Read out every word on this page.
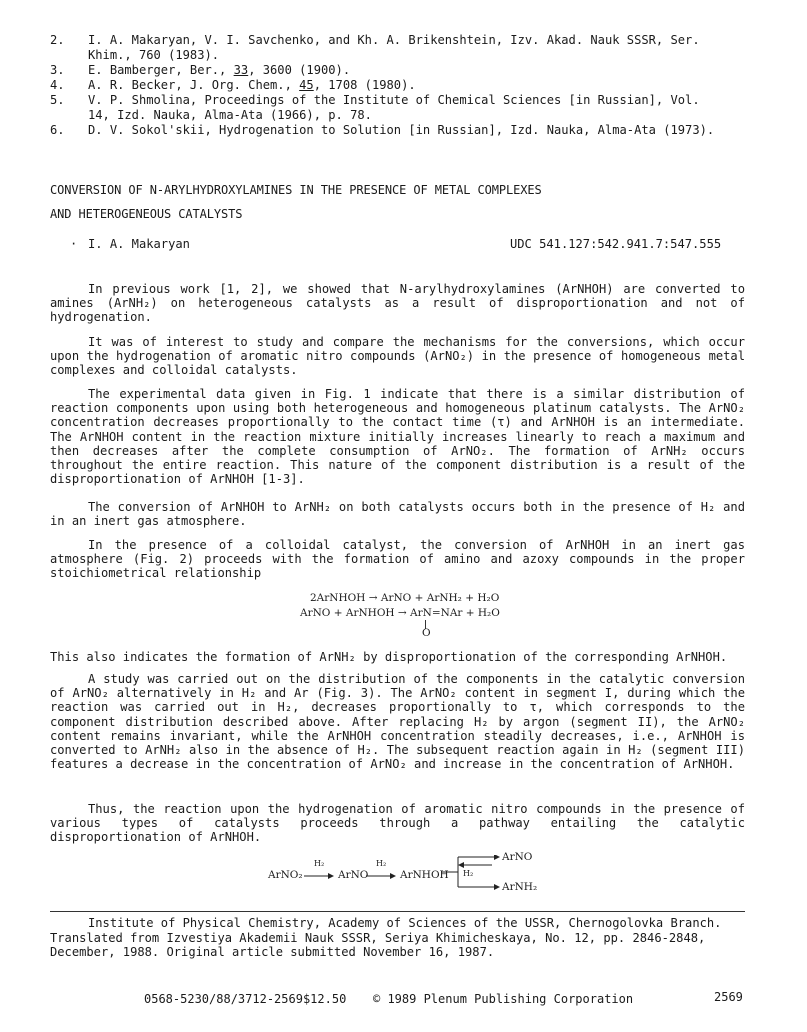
2. I. A. Makaryan, V. I. Savchenko, and Kh. A. Brikenshtein, Izv. Akad. Nauk SSSR, Ser.
Khim., 760 (1983).
3. E. Bamberger, Ber., 33, 3600 (1900).
4. A. R. Becker, J. Org. Chem., 45, 1708 (1980).
5. V. P. Shmolina, Proceedings of the Institute of Chemical Sciences [in Russian], Vol.
14, Izd. Nauka, Alma-Ata (1966), p. 78.
6. D. V. Sokol'skii, Hydrogenation to Solution [in Russian], Izd. Nauka, Alma-Ata (1973).
CONVERSION OF N-ARYLHYDROXYLAMINES IN THE PRESENCE OF METAL COMPLEXES
AND HETEROGENEOUS CATALYSTS
· I. A. Makaryan	UDC 541.127:542.941.7:547.555
In previous work [1, 2], we showed that N-arylhydroxylamines (ArNHOH) are converted to amines (ArNH₂) on heterogeneous catalysts as a result of disproportionation and not of hydrogenation.
It was of interest to study and compare the mechanisms for the conversions, which occur upon the hydrogenation of aromatic nitro compounds (ArNO₂) in the presence of homogeneous metal complexes and colloidal catalysts.
The experimental data given in Fig. 1 indicate that there is a similar distribution of reaction components upon using both heterogeneous and homogeneous platinum catalysts. The ArNO₂ concentration decreases proportionally to the contact time (τ) and ArNHOH is an intermediate. The ArNHOH content in the reaction mixture initially increases linearly to reach a maximum and then decreases after the complete consumption of ArNO₂. The formation of ArNH₂ occurs throughout the entire reaction. This nature of the component distribution is a result of the disproportionation of ArNHOH [1-3].
The conversion of ArNHOH to ArNH₂ on both catalysts occurs both in the presence of H₂ and in an inert gas atmosphere.
In the presence of a colloidal catalyst, the conversion of ArNHOH in an inert gas atmosphere (Fig. 2) proceeds with the formation of amino and azoxy compounds in the proper stoichiometrical relationship
2ArNHOH → ArNO + ArNH₂ + H₂O
ArNO + ArNHOH → ArN=NAr + H₂O
O
This also indicates the formation of ArNH₂ by disproportionation of the corresponding ArNHOH.
A study was carried out on the distribution of the components in the catalytic conversion of ArNO₂ alternatively in H₂ and Ar (Fig. 3). The ArNO₂ content in segment I, during which the reaction was carried out in H₂, decreases proportionally to τ, which corresponds to the component distribution described above. After replacing H₂ by argon (segment II), the ArNO₂ content remains invariant, while the ArNHOH concentration steadily decreases, i.e., ArNHOH is converted to ArNH₂ also in the absence of H₂. The subsequent reaction again in H₂ (segment III) features a decrease in the concentration of ArNO₂ and increase in the concentration of ArNHOH.
Thus, the reaction upon the hydrogenation of aromatic nitro compounds in the presence of various types of catalysts proceeds through a pathway entailing the catalytic disproportionation of ArNHOH.
ArNO₂
H₂
ArNO
H₂
ArNHOH H₂
ArNO
ArNH₂
Institute of Physical Chemistry, Academy of Sciences of the USSR, Chernogolovka Branch. Translated from Izvestiya Akademii Nauk SSSR, Seriya Khimicheskaya, No. 12, pp. 2846-2848, December, 1988. Original article submitted November 16, 1987.
0568-5230/88/3712-2569$12.50 © 1989 Plenum Publishing Corporation	2569
